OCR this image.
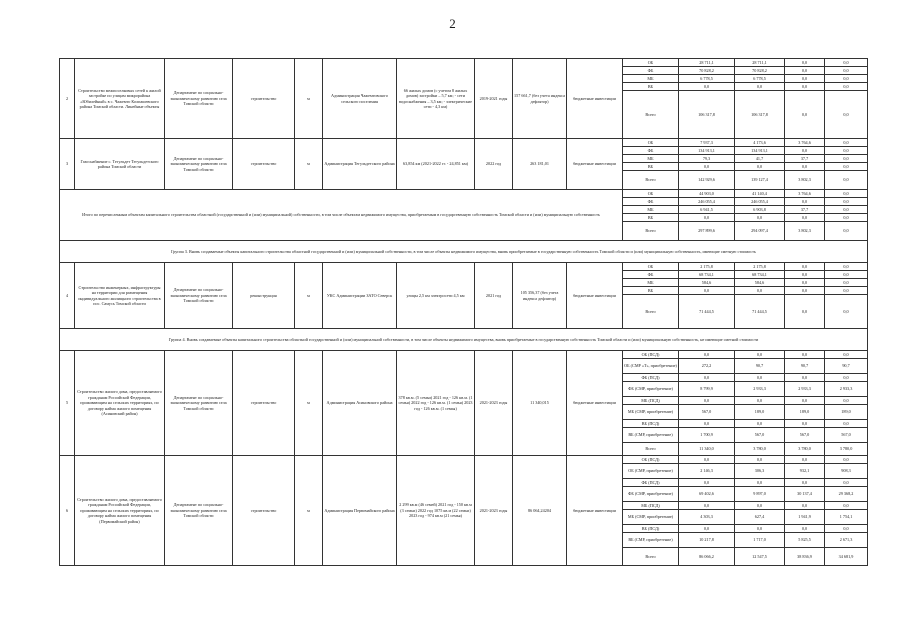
2
2	Строительство межпоселковых сетей к жилой застройке по улицам микрорайона «Юбилейный» в с. Чажемто Колпашевского района Томской области. Линейные объекты	Департамент по социально-экономическому развитию села Томской области	строительство	м	Администрация Чажемтовского сельского поселения	66 жилых домов (с учетом 8 жилых домов) застройки – 5,7 км; - сети водоснабжения – 3,5 км; - электрические сети - 4,3 км)	2019-2021 годы	157 661,7 (без учета индекса дефлятор)	бюджетные инвестиции	ОБ	28 711,1	28 711,1	0,0	0,0
										ФБ	70 828,2	70 828,2	0,0	0,0
										МБ	6 778,5	6 778,5	0,0	0,0
										ВБ	0,0	0,0	0,0	0,0
										Всего	106 317,8	106 317,8	0,0	0,0
3	Газоснабжение с. Тегульдет Тегульдетского района Томской области	Департамент по социально-экономическому развитию села Томской области	строительство	м	Администрация Тегульдетского района	63,854 км (2021-2022 гг. - 24,851 км)	2022 год	263 181,01	бюджетные инвестиции	ОБ	7 937,3	4 173,6	3 764,6	0,0
										ФБ	134 913,1	134 913,1	0,0	0,0
										МБ	79,3	41,7	37,7	0,0
										ВБ	0,0	0,0	0,0	0,0
										Всего	142 929,6	139 127,4	3 802,3	0,0
Итого по перечисленным объектам капитального строительства областной (государственной и (или) муниципальной) собственности, в том числе объектам недвижимого имущества, приобретаемым в государственную собственность Томской области и (или) муниципальную собственность										ОБ	44 903,0	41 140,4	3 764,6	0,0
										ФБ	246 055,4	246 055,4	0,0	0,0
										МБ	6 941,5	6 903,8	37,7	0,0
										ВБ	0,0	0,0	0,0	0,0
										Всего	297 899,6	294 097,4	3 802,3	0,0
Группа 3. Вновь создаваемые объекты капитального строительства областной государственной и (или) муниципальной собственности, в том числе объекты недвижимого имущества, вновь приобретаемые в государственную собственность Томской области и (или) муниципальную собственность, имеющие сметную стоимость														
4	Строительство инженерных, инфраструктуры на территории для размещения индивидуального жилищного строительства в пос. Самусь Томской области	Департамент по социально-экономическому развитию села Томской области	реконструкция	м	УКС Администрации ЗАТО Северск	улицы 2,5 км электросети 4,5 км	2021 год	105 356,37 (без учета индекса дефлятор)	бюджетные инвестиции	ОБ	2 175,8	2 175,8	0,0	0,0
										ФБ	68 734,1	68 734,1	0,0	0,0
										МБ	584,6	584,6	0,0	0,0
										ВБ	0,0	0,0	0,0	0,0
										Всего	71 444,5	71 444,5	0,0	0,0
Группа 4. Вновь создаваемые объекты капитального строительства областной государственной и (или) муниципальной собственности, в том числе объекты недвижимого имущества, вновь приобретаемые в государственную собственность Томской области и (или) муниципальную собственность, не имеющие сметной стоимости														
5	Строительство жилого дома, предоставляемого гражданам Российской Федерации, проживающим на сельских территориях, по договору найма жилого помещения (Асиновский район)	Департамент по социально-экономическому развитию села Томской области	строительство	м	Администрация Асиновского района	378 кв.м. (5 семьи) 2021 год - 126 кв.м. (1 семья) 2022 год - 126 кв.м. (1 семья) 2023 год - 126 кв.м. (1 семья)	2021-2023 годы	11 340,015	бюджетные инвестиции	ОБ (ПСД)	0,0	0,0	0,0	0,0
										ОБ (СМР «Т», приобретение)	272,2	90,7	90,7	90,7
										ФБ (ПСД)	0,0	0,0	0,0	0,0
										ФБ (СМР, приобретение)	8 799,9	2 933,3	2 933,3	2 933,3
										МБ (ПСД)	0,0	0,0	0,0	0,0
										МБ (СМР, приобретение)	567,0	189,0	189,0	189,0
										ВБ (ПСД)	0,0	0,0	0,0	0,0
										ВБ (СМР, приобретение)	1 700,9	567,0	567,0	567,0
										Всего	11 340,0	3 780,0	3 780,0	3 780,0
6	Строительство жилого дома, предоставляемого гражданам Российской Федерации, проживающим на сельских территориях, по договору найма жилого помещения (Первомайский район)	Департамент по социально-экономическому развитию села Томской области	строительство	м	Администрация Первомайского района	2 299 кв.м (46 семей) 2021 год - 150 кв.м (3 семьи) 2022 год 1075 кв.м (22 семьи) 2023 год - 974 кв.м (21 семья)	2021-2023 годы	86 064,24204	бюджетные инвестиции	ОБ (ПСД)	0,0	0,0	0,0	0,0
										ОБ (СМР, приобретение)	2 146,3	306,3	932,1	908,3
										ФБ (ПСД)	0,0	0,0	0,0	0,0
										ФБ (СМР, приобретение)	69 402,6	9 897,0	30 137,4	29 368,2
										МБ (ПСД)	0,0	0,0	0,0	0,0
										МБ (СМР, приобретение)	4 303,3	627,4	1 941,9	1 754,1
										ВБ (ПСД)	0,0	0,0	0,0	0,0
										ВБ (СМР, приобретение)	10 217,8	1 717,0	5 825,5	2 671,3
										Всего	86 066,2	12 547,5	38 836,9	34 681,9
